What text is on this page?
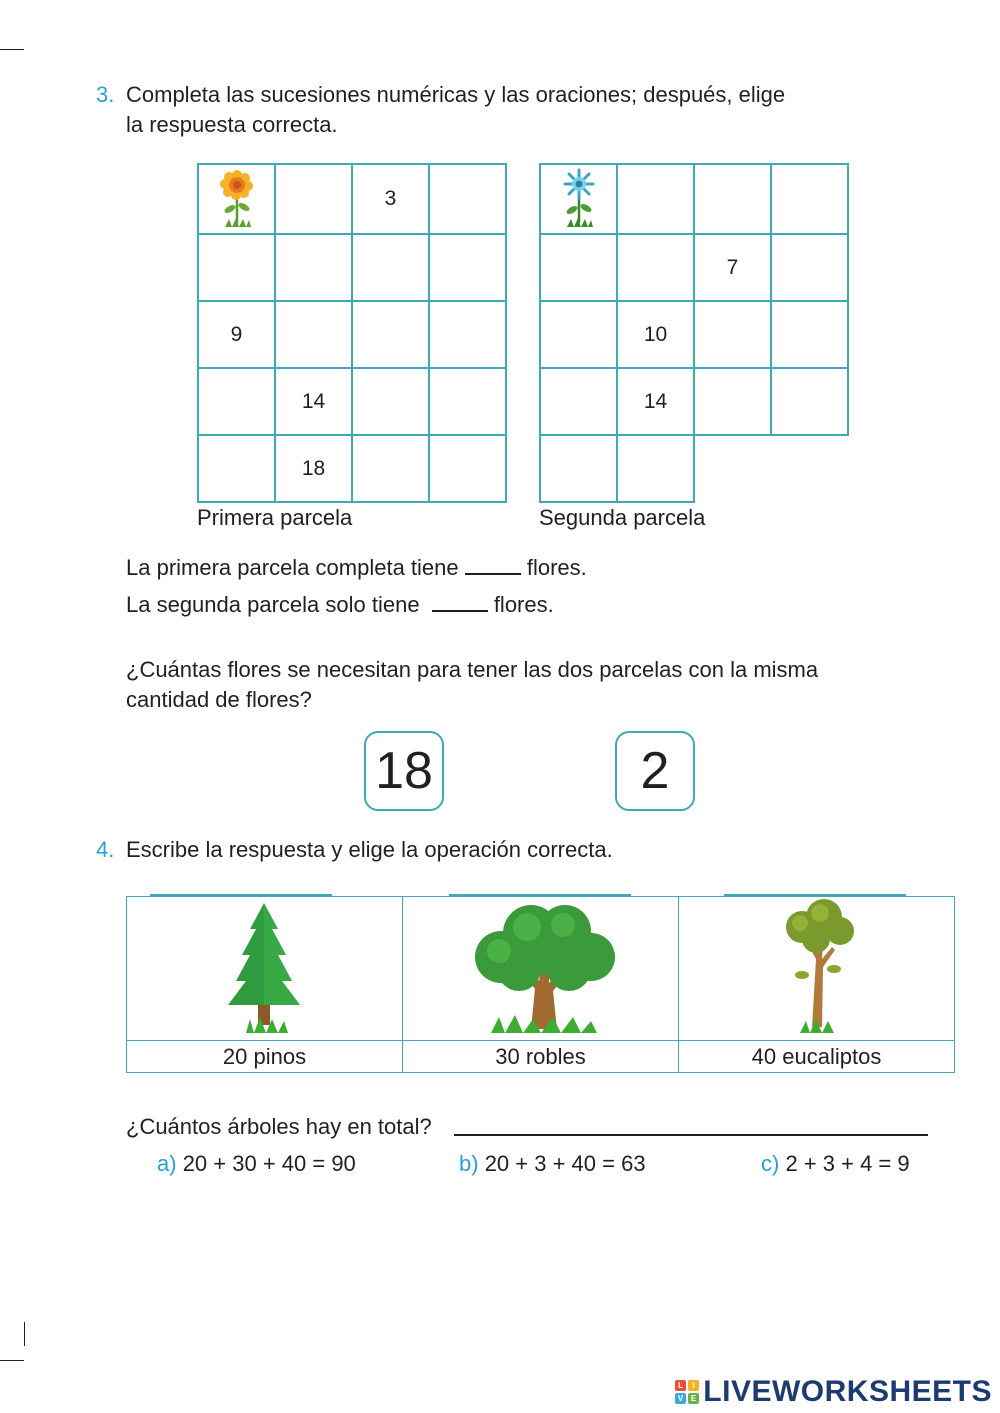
3. Completa las sucesiones numéricas y las oraciones; después, elige
la respuesta correcta.
		3	

9			
	14		
	18		
Primera parcela

		7	
	10		
	14		

Segunda parcela
La primera parcela completa tiene	flores.
La segunda parcela solo tiene	flores.
¿Cuántas flores se necesitan para tener las dos parcelas con la misma
cantidad de flores?
18	2
4. Escribe la respuesta y elige la operación correcta.

20 pinos	30 robles	40 eucaliptos
¿Cuántos árboles hay en total?
a) 20 + 30 + 40 = 90	b) 20 + 3 + 40 = 63	c) 2 + 3 + 4 = 9
L	I
V E LIVEWORKSHEETS
